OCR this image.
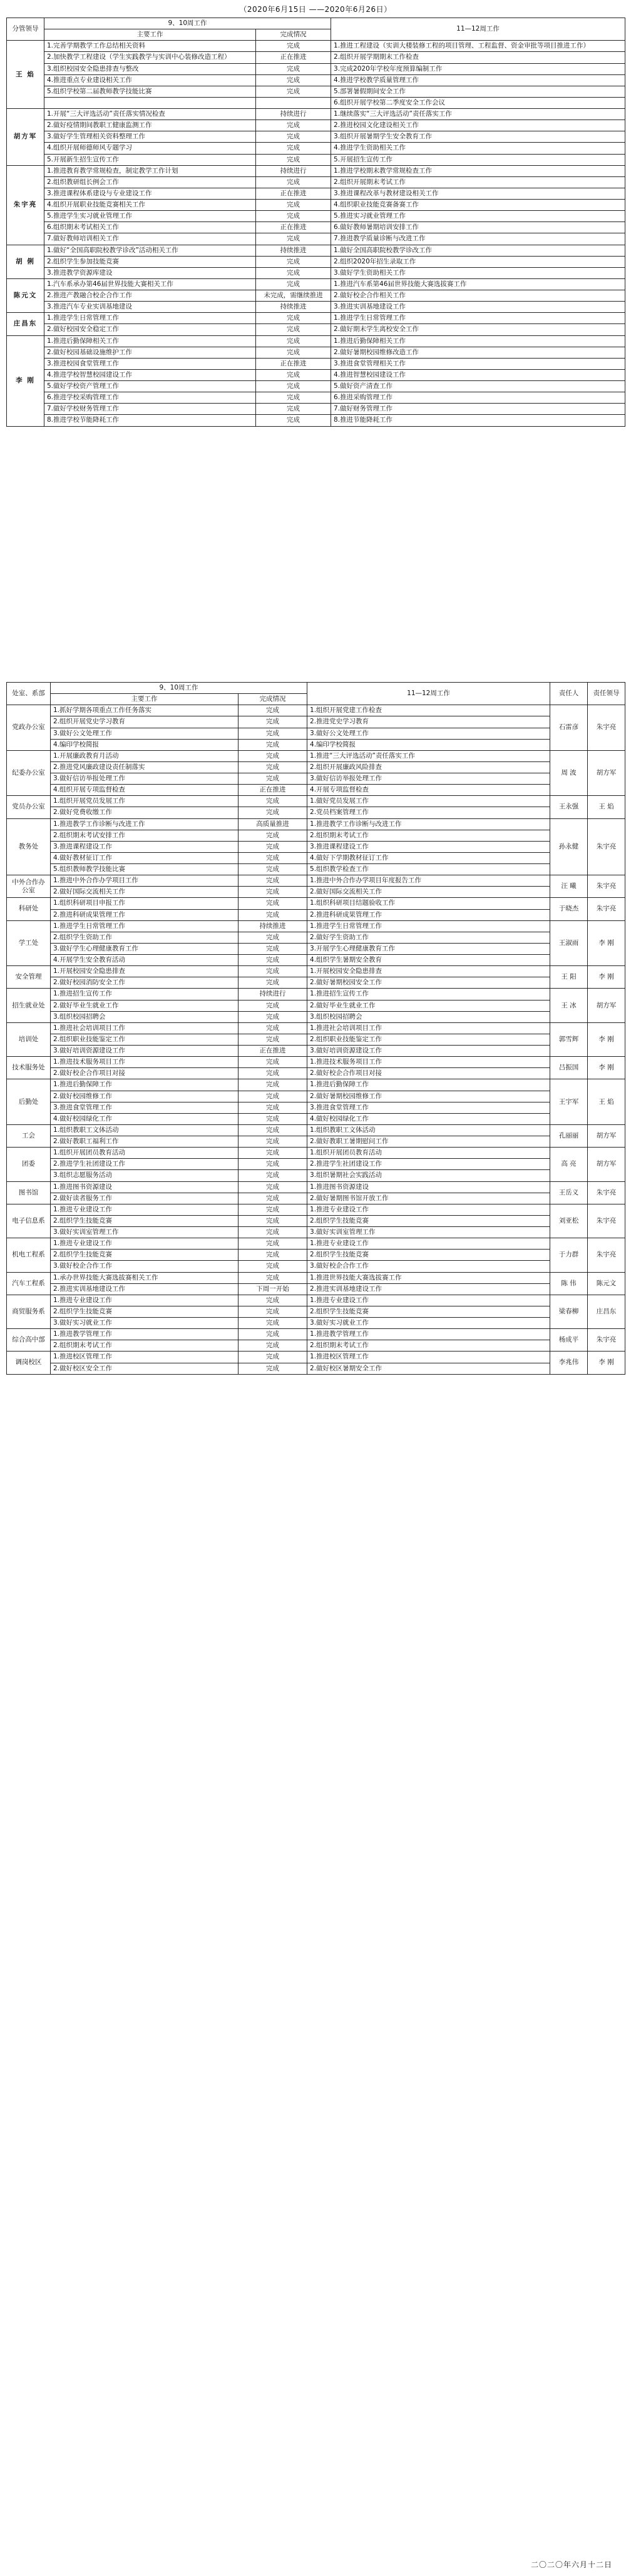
（2020年6月15日 ——2020年6月26日）
分管领导	9、10周工作		11—12周工作
	主要工作	完成情况	
王 焰	1.完善学期教学工作总结相关资料	完成	1.推进工程建设（实训大楼装修工程的项目管理、工程监督、资金审批等项目推进工作）
	2.加快教学工程建设（学生实践教学与实训中心装修改造工程）	正在推进	2.组织开展学期期末工作检查
	3.组织校园安全隐患排查与整改	完成	3.完成2020年学校年度预算编制工作
	4.推进重点专业建设相关工作	完成	4.推进学校教学质量管理工作
	5.组织学校第二届教师教学技能比赛	完成	5.部署暑假期间安全工作
			6.组织开展学校第二季度安全工作会议
胡方军	1.开展“三大评选活动”责任落实情况检查	持续进行	1.继续落实“三大评选活动”责任落实工作
	2.做好疫情期间教职工健康监测工作	完成	2.推进校园文化建设相关工作
	3.做好学生管理相关资料整理工作	完成	3.组织开展暑期学生安全教育工作
	4.组织开展师德师风专题学习	完成	4.推进学生资助相关工作
	5.开展新生招生宣传工作	完成	5.开展招生宣传工作
朱宇亮	1.推进教育教学常规检查，制定教学工作计划	持续进行	1.推进学校期末教学常规检查工作
	2.组织教研组长例会工作	完成	2.组织开展期末考试工作
	3.推进课程体系建设与专业建设工作	正在推进	3.推进课程改革与教材建设相关工作
	4.组织开展职业技能竞赛相关工作	完成	4.组织职业技能竞赛备赛工作
	5.推进学生实习就业管理工作	完成	5.推进实习就业管理工作
	6.组织期末考试相关工作	正在推进	6.做好教师暑期培训安排工作
	7.做好教师培训相关工作	完成	7.推进教学质量诊断与改进工作
胡 俐	1.做好“全国高职院校教学诊改”活动相关工作	持续推进	1.做好全国高职院校教学诊改工作
	2.组织学生参加技能竞赛	完成	2.组织2020年招生录取工作
	3.推进教学资源库建设	完成	3.做好学生资助相关工作
陈元文	1.汽车系承办第46届世界技能大赛相关工作	完成	1.推进汽车系第46届世界技能大赛选拔赛工作
	2.推进产教融合校企合作工作	未完成，需继续推进	2.做好校企合作相关工作
	3.推进汽车专业实训基地建设	持续推进	3.推进实训基地建设工作
庄昌东	1.推进学生日常管理工作	完成	1.推进学生日常管理工作
	2.做好校园安全稳定工作	完成	2.做好期末学生离校安全工作
李 刚	1.推进后勤保障相关工作	完成	1.推进后勤保障相关工作
	2.做好校园基础设施维护工作	完成	2.做好暑期校园维修改造工作
	3.推进校园食堂管理工作	正在推进	3.推进食堂管理相关工作
	4.推进学校智慧校园建设工作	完成	4.推进智慧校园建设工作
	5.做好学校资产管理工作	完成	5.做好资产清查工作
	6.推进学校采购管理工作	完成	6.推进采购管理工作
	7.做好学校财务管理工作	完成	7.做好财务管理工作
	8.推进学校节能降耗工作	完成	8.推进节能降耗工作
处室、系部	9、10周工作		11—12周工作	责任人	责任领导
	主要工作	完成情况			
党政办公室	1.抓好学期各项重点工作任务落实	完成	1.组织开展党建工作检查	石雷彦	朱宇亮
	2.组织开展党史学习教育	完成	2.推进党史学习教育		
	3.做好公文处理工作	完成	3.做好公文处理工作		
	4.编印学校简报	完成	4.编印学校简报		
纪委办公室	1.开展廉政教育月活动	完成	1.推进“三大评选活动”责任落实工作	周 波	胡方军
	2.推进党风廉政建设责任制落实	完成	2.组织开展廉政风险排查		
	3.做好信访举报处理工作	完成	3.做好信访举报处理工作		
	4.组织开展专项监督检查	正在推进	4.开展专项监督检查		
党员办公室	1.组织开展党员发展工作	完成	1.做好党员发展工作	王永强	王 焰
	2.做好党费收缴工作	完成	2.党员档案管理工作		
教务处	1.推进教学工作诊断与改进工作	高质量推进	1.推进教学工作诊断与改进工作	孙永健	朱宇亮
	2.组织期末考试安排工作	完成	2.组织期末考试工作		
	3.推进课程建设工作	完成	3.推进课程建设工作		
	4.做好教材征订工作	完成	4.做好下学期教材征订工作		
	5.组织教师教学技能比赛	完成	5.组织教学检查工作		
中外合作办公室	1.推进中外合作办学项目工作	完成	1.推进中外合作办学项目年度报告工作	汪 曦	朱宇亮
	2.做好国际交流相关工作	完成	2.做好国际交流相关工作		
科研处	1.组织科研项目申报工作	完成	1.组织科研项目结题验收工作	于晓杰	朱宇亮
	2.推进科研成果管理工作	完成	2.推进科研成果管理工作		
学工处	1.推进学生日常管理工作	持续推进	1.推进学生日常管理工作	王淑雨	李 刚
	2.组织学生资助工作	完成	2.做好学生资助工作		
	3.做好学生心理健康教育工作	完成	3.开展学生心理健康教育工作		
	4.开展学生安全教育活动	完成	4.组织学生暑期安全教育		
安全管理	1.开展校园安全隐患排查	完成	1.开展校园安全隐患排查	王 阳	李 刚
	2.做好校园消防安全工作	完成	2.做好暑期校园安全工作		
招生就业处	1.推进招生宣传工作	持续进行	1.推进招生宣传工作	王 冰	胡方军
	2.做好毕业生就业工作	完成	2.做好毕业生就业工作		
	3.组织校园招聘会	完成	3.组织校园招聘会		
培训处	1.推进社会培训项目工作	完成	1.推进社会培训项目工作	郭雪辉	李 刚
	2.组织职业技能鉴定工作	完成	2.组织职业技能鉴定工作		
	3.做好培训资源建设工作	正在推进	3.做好培训资源建设工作		
技术服务处	1.推进技术服务项目工作	完成	1.推进技术服务项目工作	吕振国	李 刚
	2.做好校企合作项目对接	完成	2.做好校企合作项目对接		
后勤处	1.推进后勤保障工作	完成	1.推进后勤保障工作	王宇军	王 焰
	2.做好校园维修工作	完成	2.做好暑期校园维修工作		
	3.推进食堂管理工作	完成	3.推进食堂管理工作		
	4.做好校园绿化工作	完成	4.做好校园绿化工作		
工会	1.组织教职工文体活动	完成	1.组织教职工文体活动	孔丽丽	胡方军
	2.做好教职工福利工作	完成	2.做好教职工暑期慰问工作		
团委	1.组织开展团员教育活动	完成	1.组织开展团员教育活动	高 亮	胡方军
	2.推进学生社团建设工作	完成	2.推进学生社团建设工作		
	3.组织志愿服务活动	完成	3.组织暑期社会实践活动		
图书馆	1.推进图书资源建设	完成	1.推进图书资源建设	王岳义	朱宇亮
	2.做好读者服务工作	完成	2.做好暑期图书馆开放工作		
电子信息系	1.推进专业建设工作	完成	1.推进专业建设工作	刘亚松	朱宇亮
	2.组织学生技能竞赛	完成	2.组织学生技能竞赛		
	3.做好实训室管理工作	完成	3.做好实训室管理工作		
机电工程系	1.推进专业建设工作	完成	1.推进专业建设工作	于力群	朱宇亮
	2.组织学生技能竞赛	完成	2.组织学生技能竞赛		
	3.做好校企合作工作	完成	3.做好校企合作工作		
汽车工程系	1.承办世界技能大赛选拔赛相关工作	完成	1.推进世界技能大赛选拔赛工作	陈 伟	陈元文
	2.推进实训基地建设工作	下周一开始	2.推进实训基地建设工作		
商贸服务系	1.推进专业建设工作	完成	1.推进专业建设工作	梁春柳	庄昌东
	2.组织学生技能竞赛	完成	2.组织学生技能竞赛		
	3.做好实习就业工作	完成	3.做好实习就业工作		
综合高中部	1.推进教学管理工作	完成	1.推进教学管理工作	杨成平	朱宇亮
	2.组织期末考试工作	完成	2.组织期末考试工作		
调岗校区	1.推进校区管理工作	完成	1.推进校区管理工作	李兆伟	李 刚
	2.做好校区安全工作	完成	2.做好校区暑期安全工作		
二〇二〇年六月十二日
